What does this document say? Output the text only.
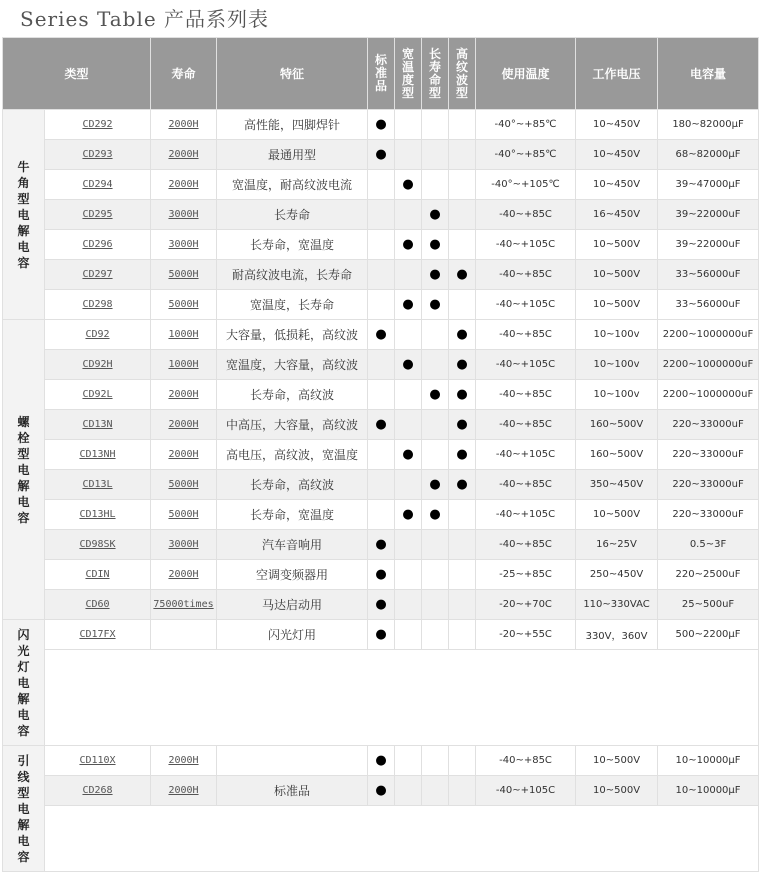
Series Table 产品系列表
类型		寿命	特征	标准品	宽温度型	长寿命型	高纹波型	使用温度	工作电压	电容量
牛角型电解电容	CD292	2000H	高性能，四脚焊针	●				-40°~+85℃	10~450V	180~82000μF
	CD293	2000H	最通用型	●				-40°~+85℃	10~450V	68~82000μF
	CD294	2000H	宽温度，耐高纹波电流		●			-40°~+105℃	10~450V	39~47000μF
	CD295	3000H	长寿命			●		-40~+85C	16~450V	39~22000uF
	CD296	3000H	长寿命，宽温度		●	●		-40~+105C	10~500V	39~22000uF
	CD297	5000H	耐高纹波电流，长寿命			●	●	-40~+85C	10~500V	33~56000uF
	CD298	5000H	宽温度，长寿命		●	●		-40~+105C	10~500V	33~56000uF
螺栓型电解电容	CD92	1000H	大容量，低损耗，高纹波	●			●	-40~+85C	10~100v	2200~1000000uF
	CD92H	1000H	宽温度，大容量，高纹波		●		●	-40~+105C	10~100v	2200~1000000uF
	CD92L	2000H	长寿命，高纹波			●	●	-40~+85C	10~100v	2200~1000000uF
	CD13N	2000H	中高压，大容量，高纹波	●			●	-40~+85C	160~500V	220~33000uF
	CD13NH	2000H	高电压，高纹波，宽温度		●		●	-40~+105C	160~500V	220~33000uF
	CD13L	5000H	长寿命，高纹波			●	●	-40~+85C	350~450V	220~33000uF
	CD13HL	5000H	长寿命，宽温度		●	●		-40~+105C	10~500V	220~33000uF
	CD98SK	3000H	汽车音响用	●				-40~+85C	16~25V	0.5~3F
	CDIN	2000H	空调变频器用	●				-25~+85C	250~450V	220~2500uF
	CD60	75000times	马达启动用	●				-20~+70C	110~330VAC	25~500uF
闪光灯电解电容	CD17FX		闪光灯用	●				-20~+55C	330V，360V	500~2200μF

引线型电解电容	CD110X	2000H		●				-40~+85C	10~500V	10~10000μF
	CD268	2000H	标准品	●				-40~+105C	10~500V	10~10000μF
